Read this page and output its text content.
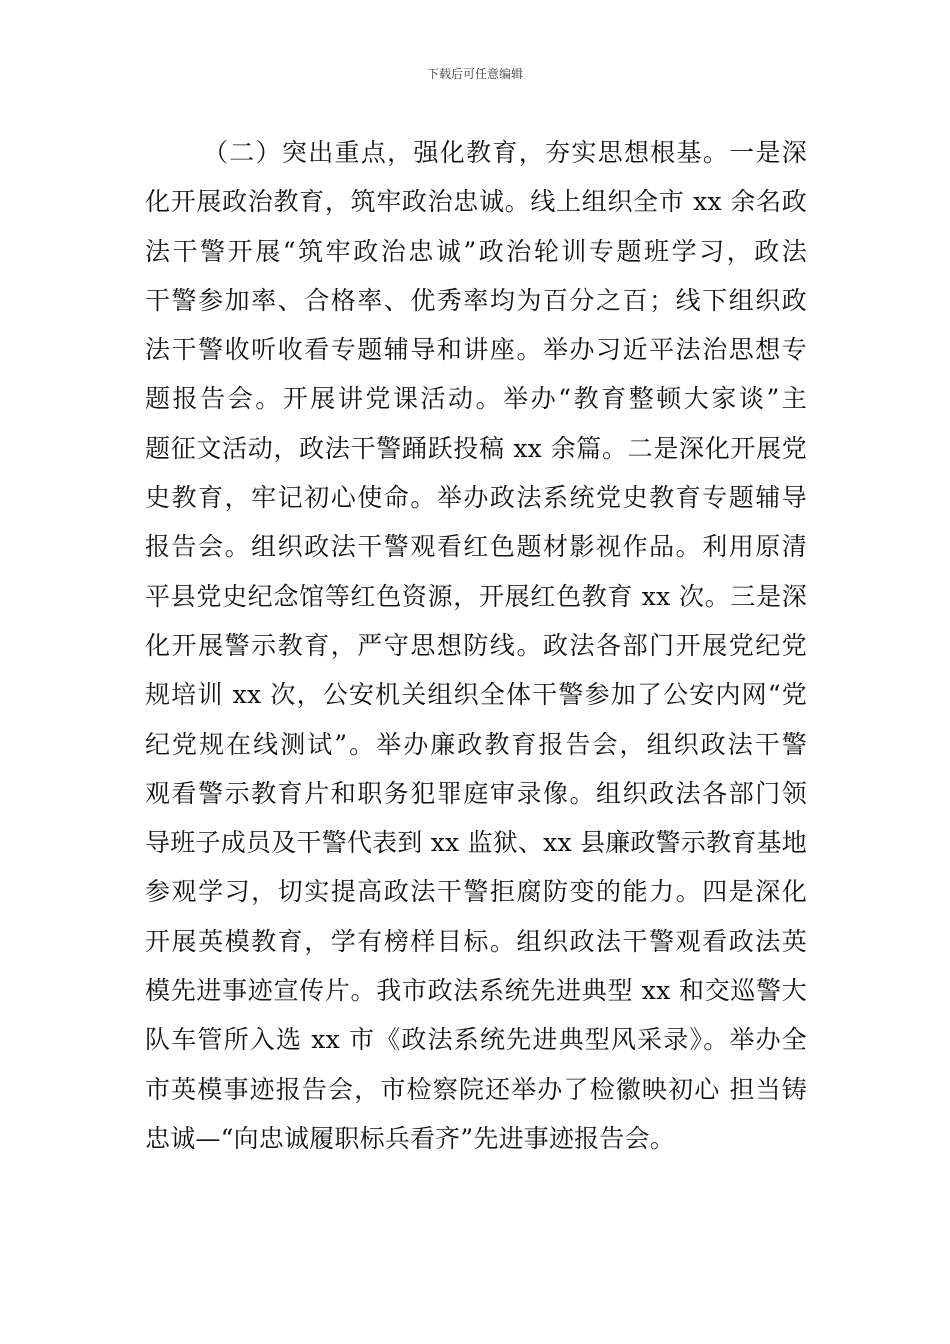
下载后可任意编辑
（二）突出重点，强化教育，夯实思想根基。一是深
化开展政治教育，筑牢政治忠诚。线上组织全市 xx 余名政
法干警开展“筑牢政治忠诚”政治轮训专题班学习，政法
干警参加率、合格率、优秀率均为百分之百；线下组织政
法干警收听收看专题辅导和讲座。举办习近平法治思想专
题报告会。开展讲党课活动。举办“教育整顿大家谈”主
题征文活动，政法干警踊跃投稿 xx 余篇。二是深化开展党
史教育，牢记初心使命。举办政法系统党史教育专题辅导
报告会。组织政法干警观看红色题材影视作品。利用原清
平县党史纪念馆等红色资源，开展红色教育 xx 次。三是深
化开展警示教育，严守思想防线。政法各部门开展党纪党
规培训 xx 次，公安机关组织全体干警参加了公安内网“党
纪党规在线测试”。举办廉政教育报告会，组织政法干警
观看警示教育片和职务犯罪庭审录像。组织政法各部门领
导班子成员及干警代表到 xx 监狱、xx 县廉政警示教育基地
参观学习，切实提高政法干警拒腐防变的能力。四是深化
开展英模教育，学有榜样目标。组织政法干警观看政法英
模先进事迹宣传片。我市政法系统先进典型 xx 和交巡警大
队车管所入选 xx 市《政法系统先进典型风采录》。举办全
市英模事迹报告会，市检察院还举办了检徽映初心 担当铸
忠诚—“向忠诚履职标兵看齐”先进事迹报告会。
